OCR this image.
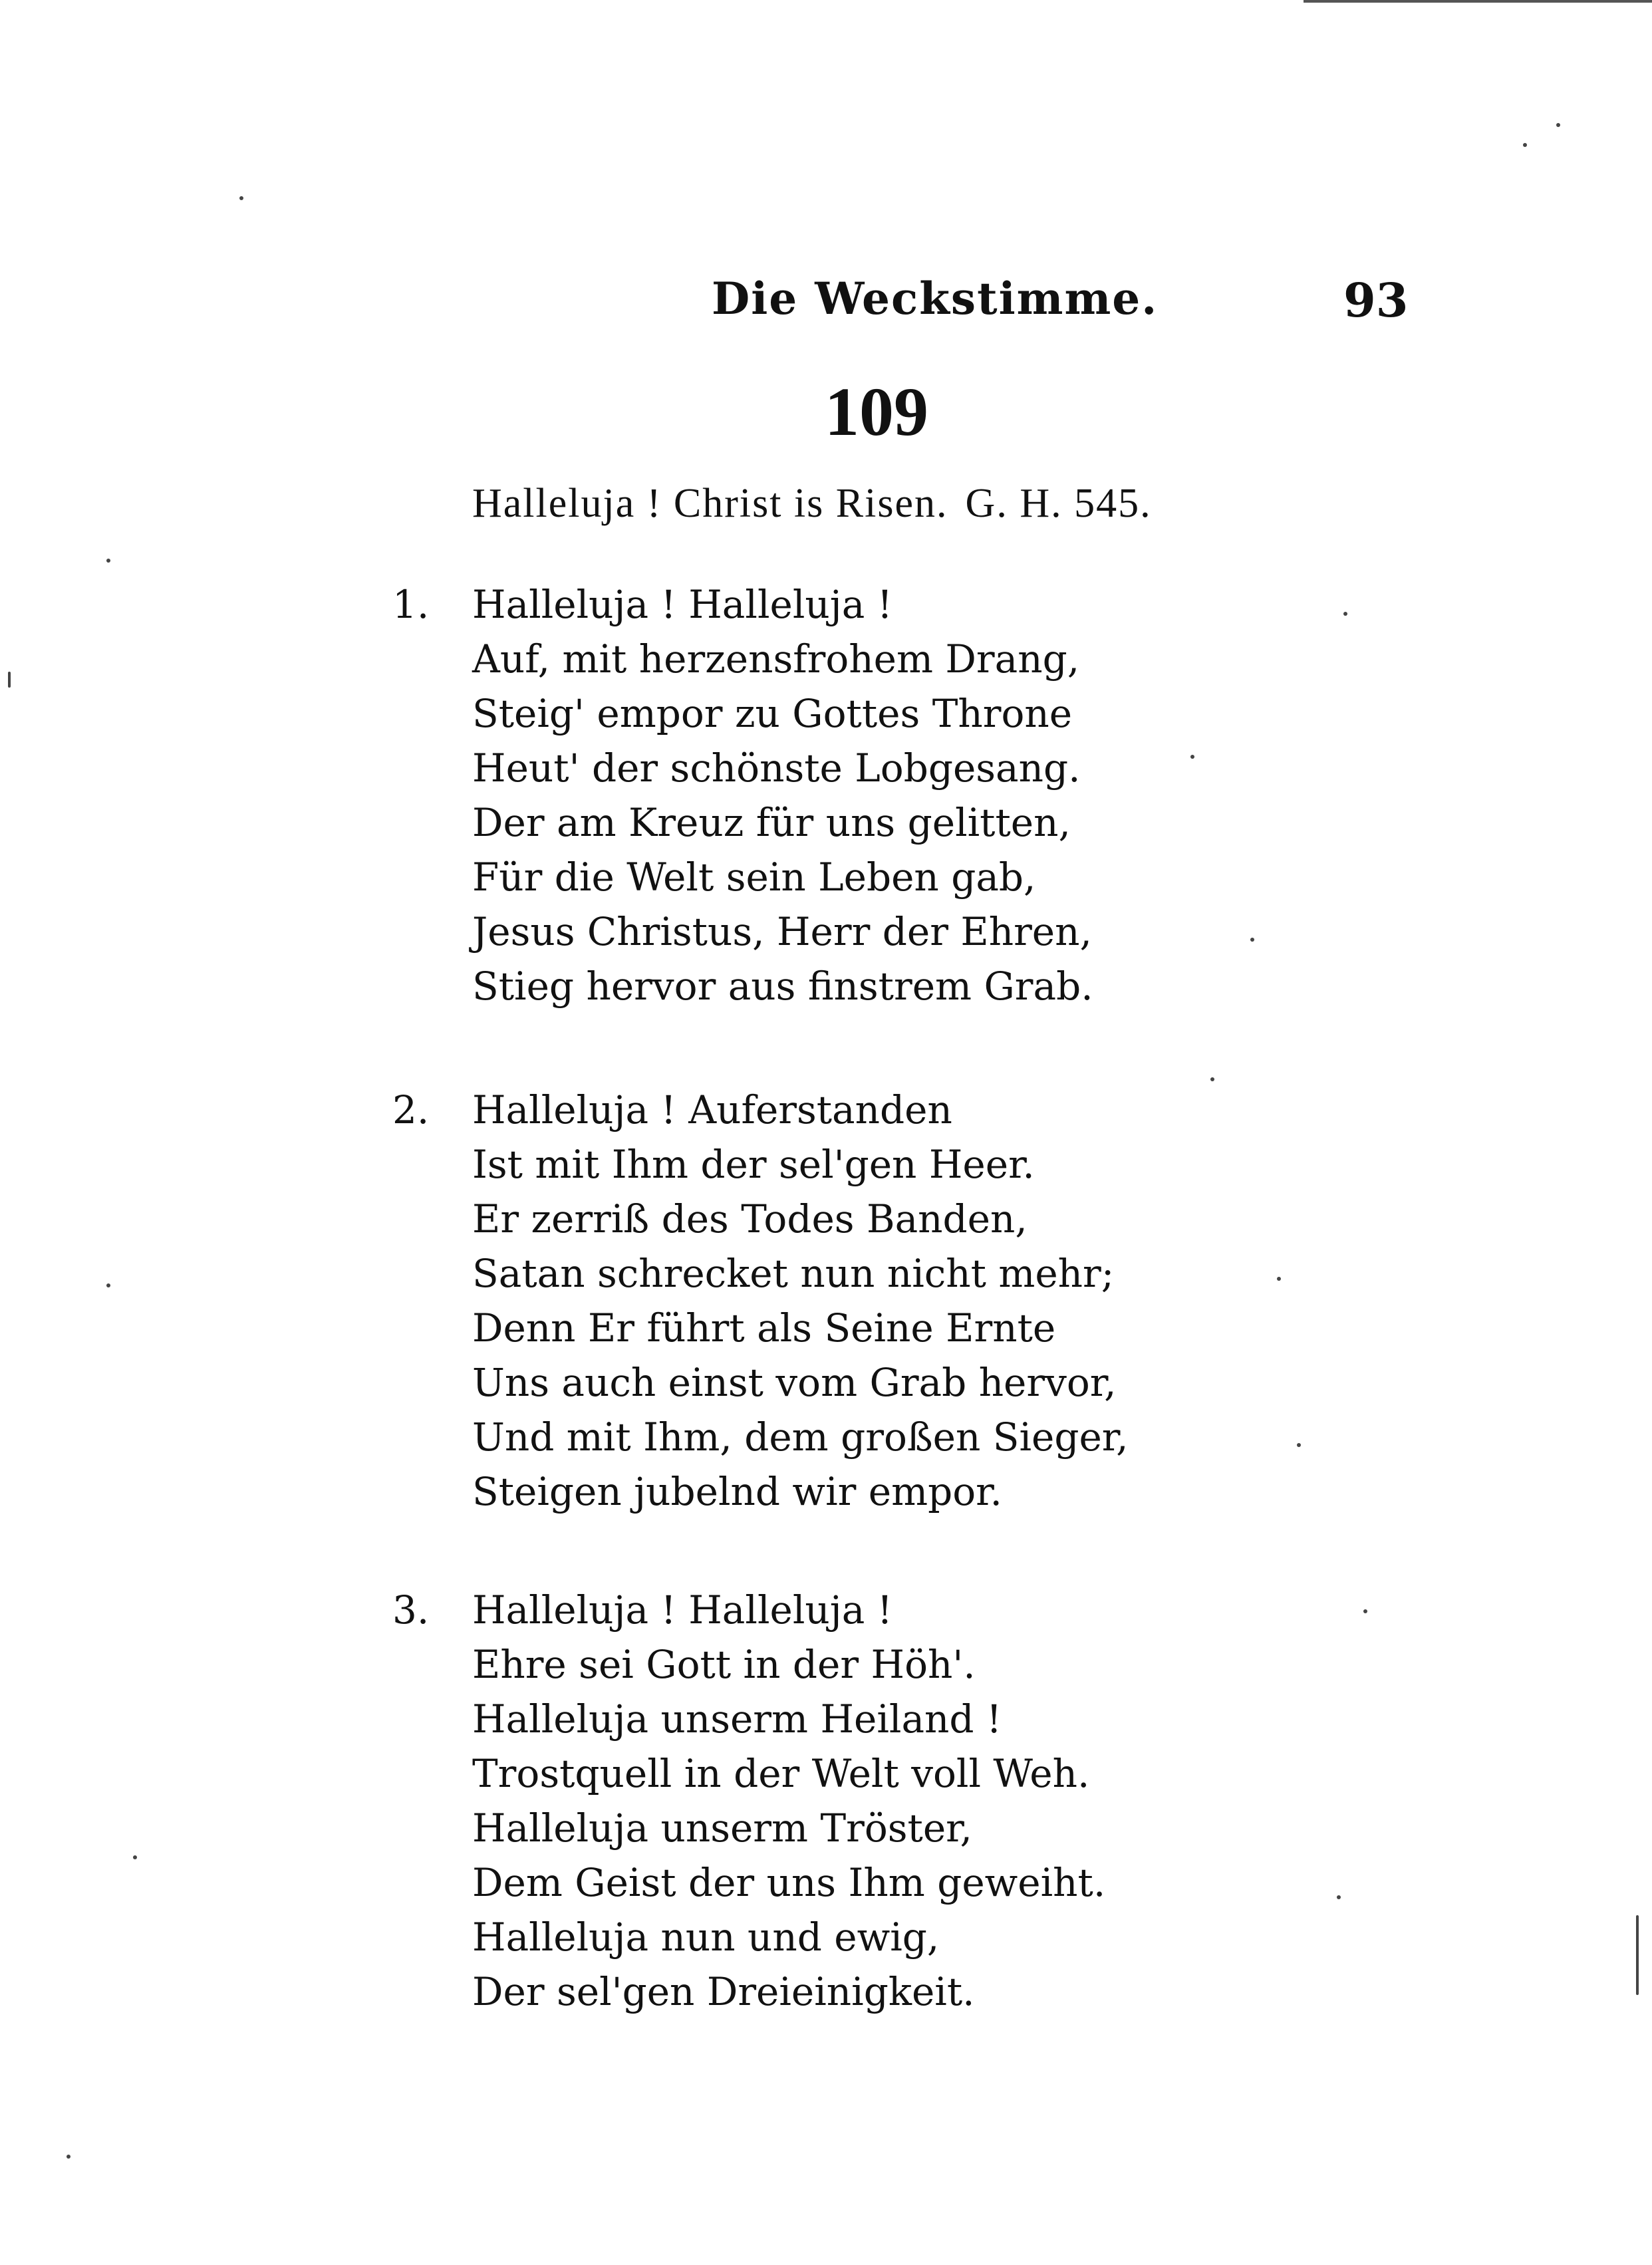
Die Weckstimme.	93
109
Halleluja ! Christ is Risen. G. H. 545.
1. Halleluja ! Halleluja !
Auf, mit herzensfrohem Drang,
Steig' empor zu Gottes Throne
Heut' der schönste Lobgesang.
Der am Kreuz für uns gelitten,
Für die Welt sein Leben gab,
Jesus Christus, Herr der Ehren,
Stieg hervor aus finstrem Grab.
2. Halleluja ! Auferstanden
Ist mit Ihm der sel'gen Heer.
Er zerriß des Todes Banden,
Satan schrecket nun nicht mehr;
Denn Er führt als Seine Ernte
Uns auch einst vom Grab hervor,
Und mit Ihm, dem großen Sieger,
Steigen jubelnd wir empor.
3. Halleluja ! Halleluja !
Ehre sei Gott in der Höh'.
Halleluja unserm Heiland !
Trostquell in der Welt voll Weh.
Halleluja unserm Tröster,
Dem Geist der uns Ihm geweiht.
Halleluja nun und ewig,
Der sel'gen Dreieinigkeit.
